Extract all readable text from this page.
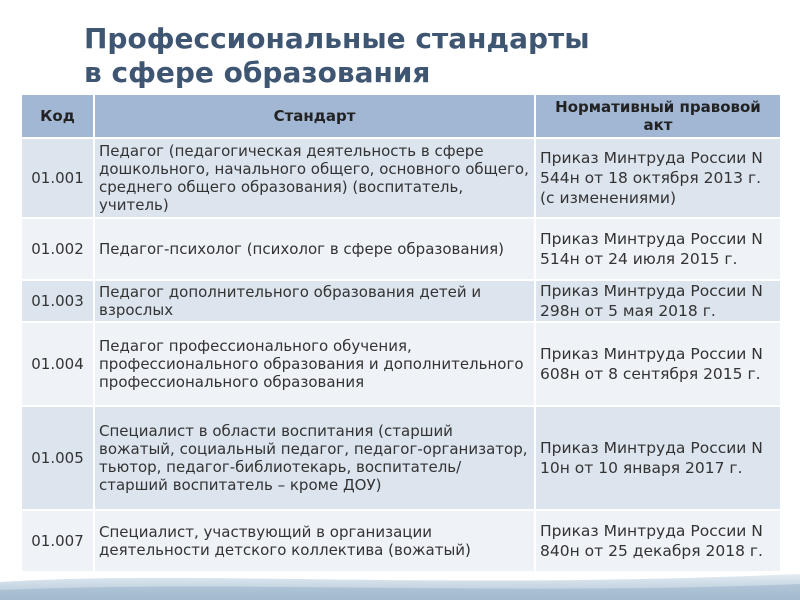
Профессиональные стандарты
в сфере образования
Код	Стандарт	Нормативный правовой акт
01.001	Педагог (педагогическая деятельность в сфере дошкольного, начального общего, основного общего, среднего общего образования) (воспитатель, учитель)	Приказ Минтруда России N 544н от 18 октября 2013 г. (с изменениями)
01.002	Педагог-психолог (психолог в сфере образования)	Приказ Минтруда России N 514н от 24 июля 2015 г.
01.003	Педагог дополнительного образования детей и взрослых	Приказ Минтруда России N 298н от 5 мая 2018 г.
01.004	Педагог профессионального обучения, профессионального образования и дополнительного профессионального образования	Приказ Минтруда России N 608н от 8 сентября 2015 г.
01.005	Специалист в области воспитания (старший вожатый, социальный педагог, педагог-организатор, тьютор, педагог-библиотекарь, воспитатель/старший воспитатель – кроме ДОУ)	Приказ Минтруда России N 10н от 10 января 2017 г.
01.007	Специалист, участвующий в организации деятельности детского коллектива (вожатый)	Приказ Минтруда России N 840н от 25 декабря 2018 г.
